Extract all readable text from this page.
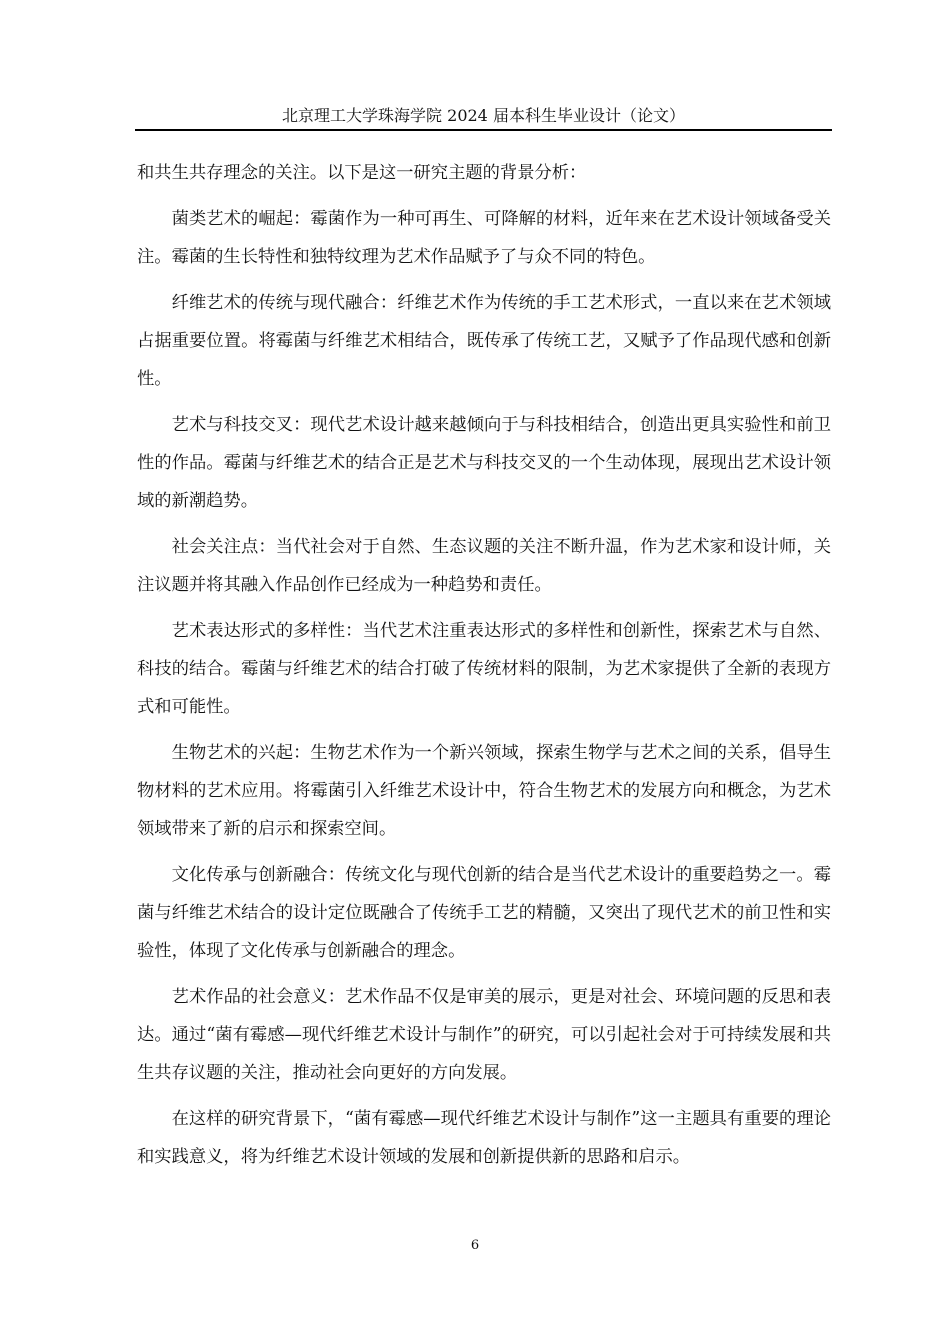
北京理工大学珠海学院 2024 届本科生毕业设计（论文）

和共生共存理念的关注。以下是这一研究主题的背景分析：

菌类艺术的崛起：霉菌作为一种可再生、可降解的材料，近年来在艺术设计领域备受关注。霉菌的生长特性和独特纹理为艺术作品赋予了与众不同的特色。

纤维艺术的传统与现代融合：纤维艺术作为传统的手工艺术形式，一直以来在艺术领域占据重要位置。将霉菌与纤维艺术相结合，既传承了传统工艺，又赋予了作品现代感和创新性。

艺术与科技交叉：现代艺术设计越来越倾向于与科技相结合，创造出更具实验性和前卫性的作品。霉菌与纤维艺术的结合正是艺术与科技交叉的一个生动体现，展现出艺术设计领域的新潮趋势。

社会关注点：当代社会对于自然、生态议题的关注不断升温，作为艺术家和设计师，关注议题并将其融入作品创作已经成为一种趋势和责任。

艺术表达形式的多样性：当代艺术注重表达形式的多样性和创新性，探索艺术与自然、科技的结合。霉菌与纤维艺术的结合打破了传统材料的限制，为艺术家提供了全新的表现方式和可能性。

生物艺术的兴起：生物艺术作为一个新兴领域，探索生物学与艺术之间的关系，倡导生物材料的艺术应用。将霉菌引入纤维艺术设计中，符合生物艺术的发展方向和概念，为艺术领域带来了新的启示和探索空间。

文化传承与创新融合：传统文化与现代创新的结合是当代艺术设计的重要趋势之一。霉菌与纤维艺术结合的设计定位既融合了传统手工艺的精髓，又突出了现代艺术的前卫性和实验性，体现了文化传承与创新融合的理念。

艺术作品的社会意义：艺术作品不仅是审美的展示，更是对社会、环境问题的反思和表达。通过“菌有霉感—现代纤维艺术设计与制作”的研究，可以引起社会对于可持续发展和共生共存议题的关注，推动社会向更好的方向发展。

在这样的研究背景下，“菌有霉感—现代纤维艺术设计与制作”这一主题具有重要的理论和实践意义，将为纤维艺术设计领域的发展和创新提供新的思路和启示。

6
